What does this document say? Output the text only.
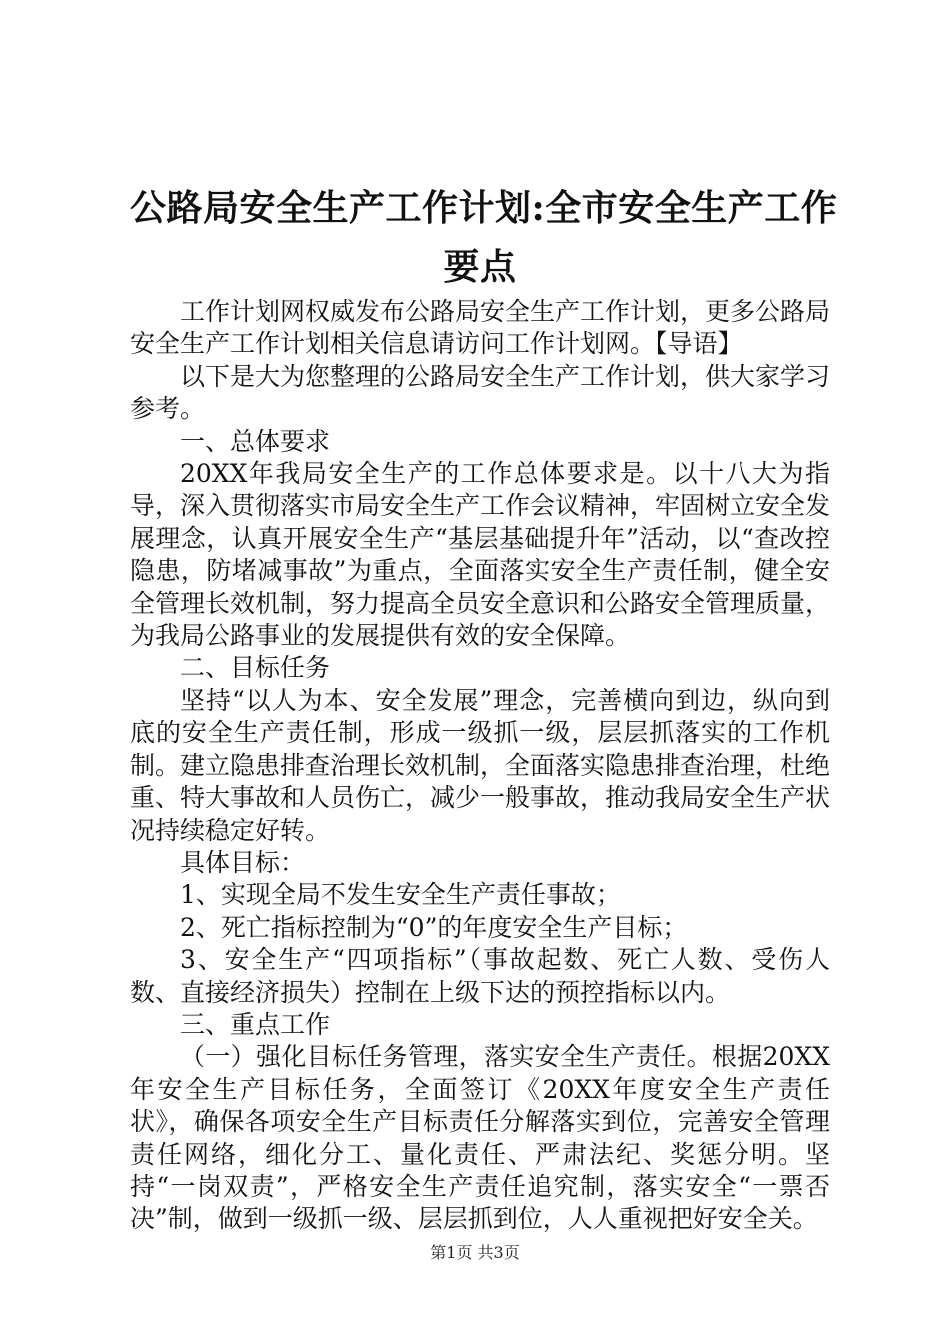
公路局安全生产工作计划:全市安全生产工作
要点

工作计划网权威发布公路局安全生产工作计划，更多公路局安全生产工作计划相关信息请访问工作计划网。【导语】

以下是大为您整理的公路局安全生产工作计划，供大家学习参考。

一、总体要求

20XX年我局安全生产的工作总体要求是。以十八大为指导，深入贯彻落实市局安全生产工作会议精神，牢固树立安全发展理念，认真开展安全生产“基层基础提升年”活动，以“查改控隐患，防堵减事故”为重点，全面落实安全生产责任制，健全安全管理长效机制，努力提高全员安全意识和公路安全管理质量，为我局公路事业的发展提供有效的安全保障。

二、目标任务

坚持“以人为本、安全发展”理念，完善横向到边，纵向到底的安全生产责任制，形成一级抓一级，层层抓落实的工作机制。建立隐患排查治理长效机制，全面落实隐患排查治理，杜绝重、特大事故和人员伤亡，减少一般事故，推动我局安全生产状况持续稳定好转。

具体目标：

1、实现全局不发生安全生产责任事故；

2、死亡指标控制为“0”的年度安全生产目标；

3、安全生产“四项指标”（事故起数、死亡人数、受伤人数、直接经济损失）控制在上级下达的预控指标以内。

三、重点工作

（一）强化目标任务管理，落实安全生产责任。根据20XX年安全生产目标任务，全面签订《20XX年度安全生产责任状》，确保各项安全生产目标责任分解落实到位，完善安全管理责任网络，细化分工、量化责任、严肃法纪、奖惩分明。坚持“一岗双责”，严格安全生产责任追究制，落实安全“一票否决”制，做到一级抓一级、层层抓到位，人人重视把好安全关。

第1页 共3页
